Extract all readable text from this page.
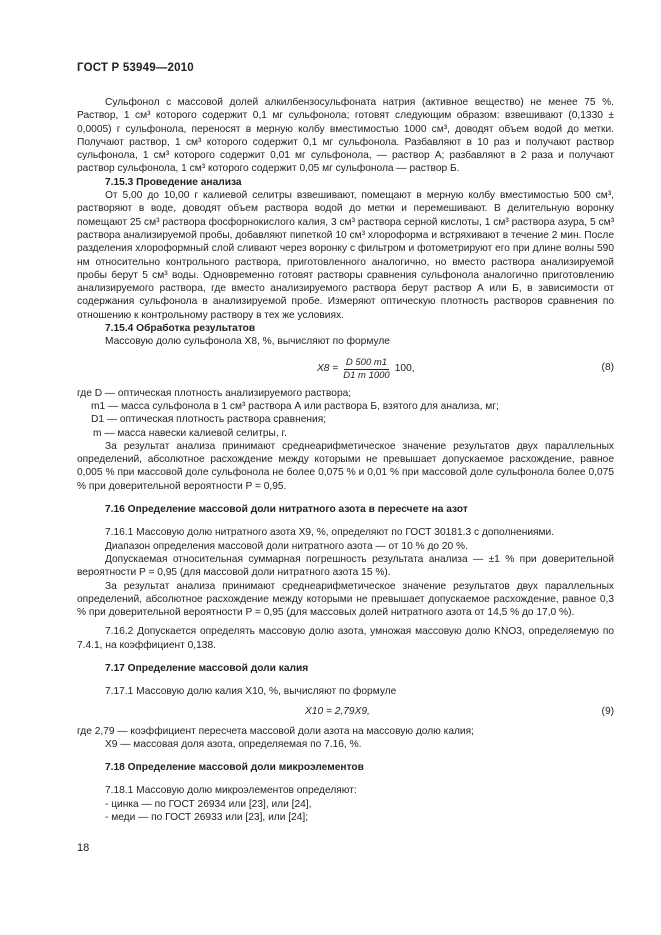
ГОСТ Р 53949—2010

Сульфонол с массовой долей алкилбензосульфоната натрия (активное вещество) не менее 75 %. Раствор, 1 см³ которого содержит 0,1 мг сульфонола; готовят следующим образом: взвешивают (0,1330 ± 0,0005) г сульфонола, переносят в мерную колбу вместимостью 1000 см³, доводят объем водой до метки. Получают раствор, 1 см³ которого содержит 0,1 мг сульфонола. Разбавляют в 10 раз и получают раствор сульфонола, 1 см³ которого содержит 0,01 мг сульфонола, — раствор А; разбавляют в 2 раза и получают раствор сульфонола, 1 см³ которого содержит 0,05 мг сульфонола — раствор Б.

7.15.3 Проведение анализа

От 5,00 до 10,00 г калиевой селитры взвешивают, помещают в мерную колбу вместимостью 500 см³, растворяют в воде, доводят объем раствора водой до метки и перемешивают. В делительную воронку помещают 25 см³ раствора фосфорнокислого калия, 3 см³ раствора серной кислоты, 1 см³ раствора азура, 5 см³ раствора анализируемой пробы, добавляют пипеткой 10 см³ хлороформа и встряхивают в течение 2 мин. После разделения хлороформный слой сливают через воронку с фильтром и фотометрируют его при длине волны 590 нм относительно контрольного раствора, приготовленного аналогично, но вместо раствора анализируемой пробы берут 5 см³ воды. Одновременно готовят растворы сравнения сульфонола аналогично приготовлению анализируемого раствора, где вместо анализируемого раствора берут раствор А или Б, в зависимости от содержания сульфонола в анализируемой пробе. Измеряют оптическую плотность растворов сравнения по отношению к контрольному раствору в тех же условиях.

7.15.4 Обработка результатов

Массовую долю сульфонола X8, %, вычисляют по формуле

$X8 = \frac{D 500 m1}{D1 m 1000} 100$,	(8)
где D — оптическая плотность анализируемого раствора;
m1 — масса сульфонола в 1 см³ раствора А или раствора Б, взятого для анализа, мг;
D1 — оптическая плотность раствора сравнения;
m — масса навески калиевой селитры, г.

За результат анализа принимают среднеарифметическое значение результатов двух параллельных определений, абсолютное расхождение между которыми не превышает допускаемое расхождение, равное 0,005 % при массовой доле сульфонола не более 0,075 % и 0,01 % при массовой доле сульфонола более 0,075 % при доверительной вероятности P = 0,95.

7.16 Определение массовой доли нитратного азота в пересчете на азот

7.16.1 Массовую долю нитратного азота X9, %, определяют по ГОСТ 30181.3 с дополнениями.

Диапазон определения массовой доли нитратного азота — от 10 % до 20 %.

Допускаемая относительная суммарная погрешность результата анализа — ±1 % при доверительной вероятности P = 0,95 (для массовой доли нитратного азота 15 %).

За результат анализа принимают среднеарифметическое значение результатов двух параллельных определений, абсолютное расхождение между которыми не превышает допускаемое расхождение, равное 0,3 % при доверительной вероятности P = 0,95 (для массовых долей нитратного азота от 14,5 % до 17,0 %).

7.16.2 Допускается определять массовую долю азота, умножая массовую долю KNO3, определяемую по 7.4.1, на коэффициент 0,138.

7.17 Определение массовой доли калия

7.17.1 Массовую долю калия X10, %, вычисляют по формуле

X10 = 2,79X9,	(9)
где 2,79 — коэффициент пересчета массовой доли азота на массовую долю калия;
X9 — массовая доля азота, определяемая по 7.16, %.

7.18 Определение массовой доли микроэлементов

7.18.1 Массовую долю микроэлементов определяют:

- цинка — по ГОСТ 26934 или [23], или [24],
- меди — по ГОСТ 26933 или [23], или [24];
18
